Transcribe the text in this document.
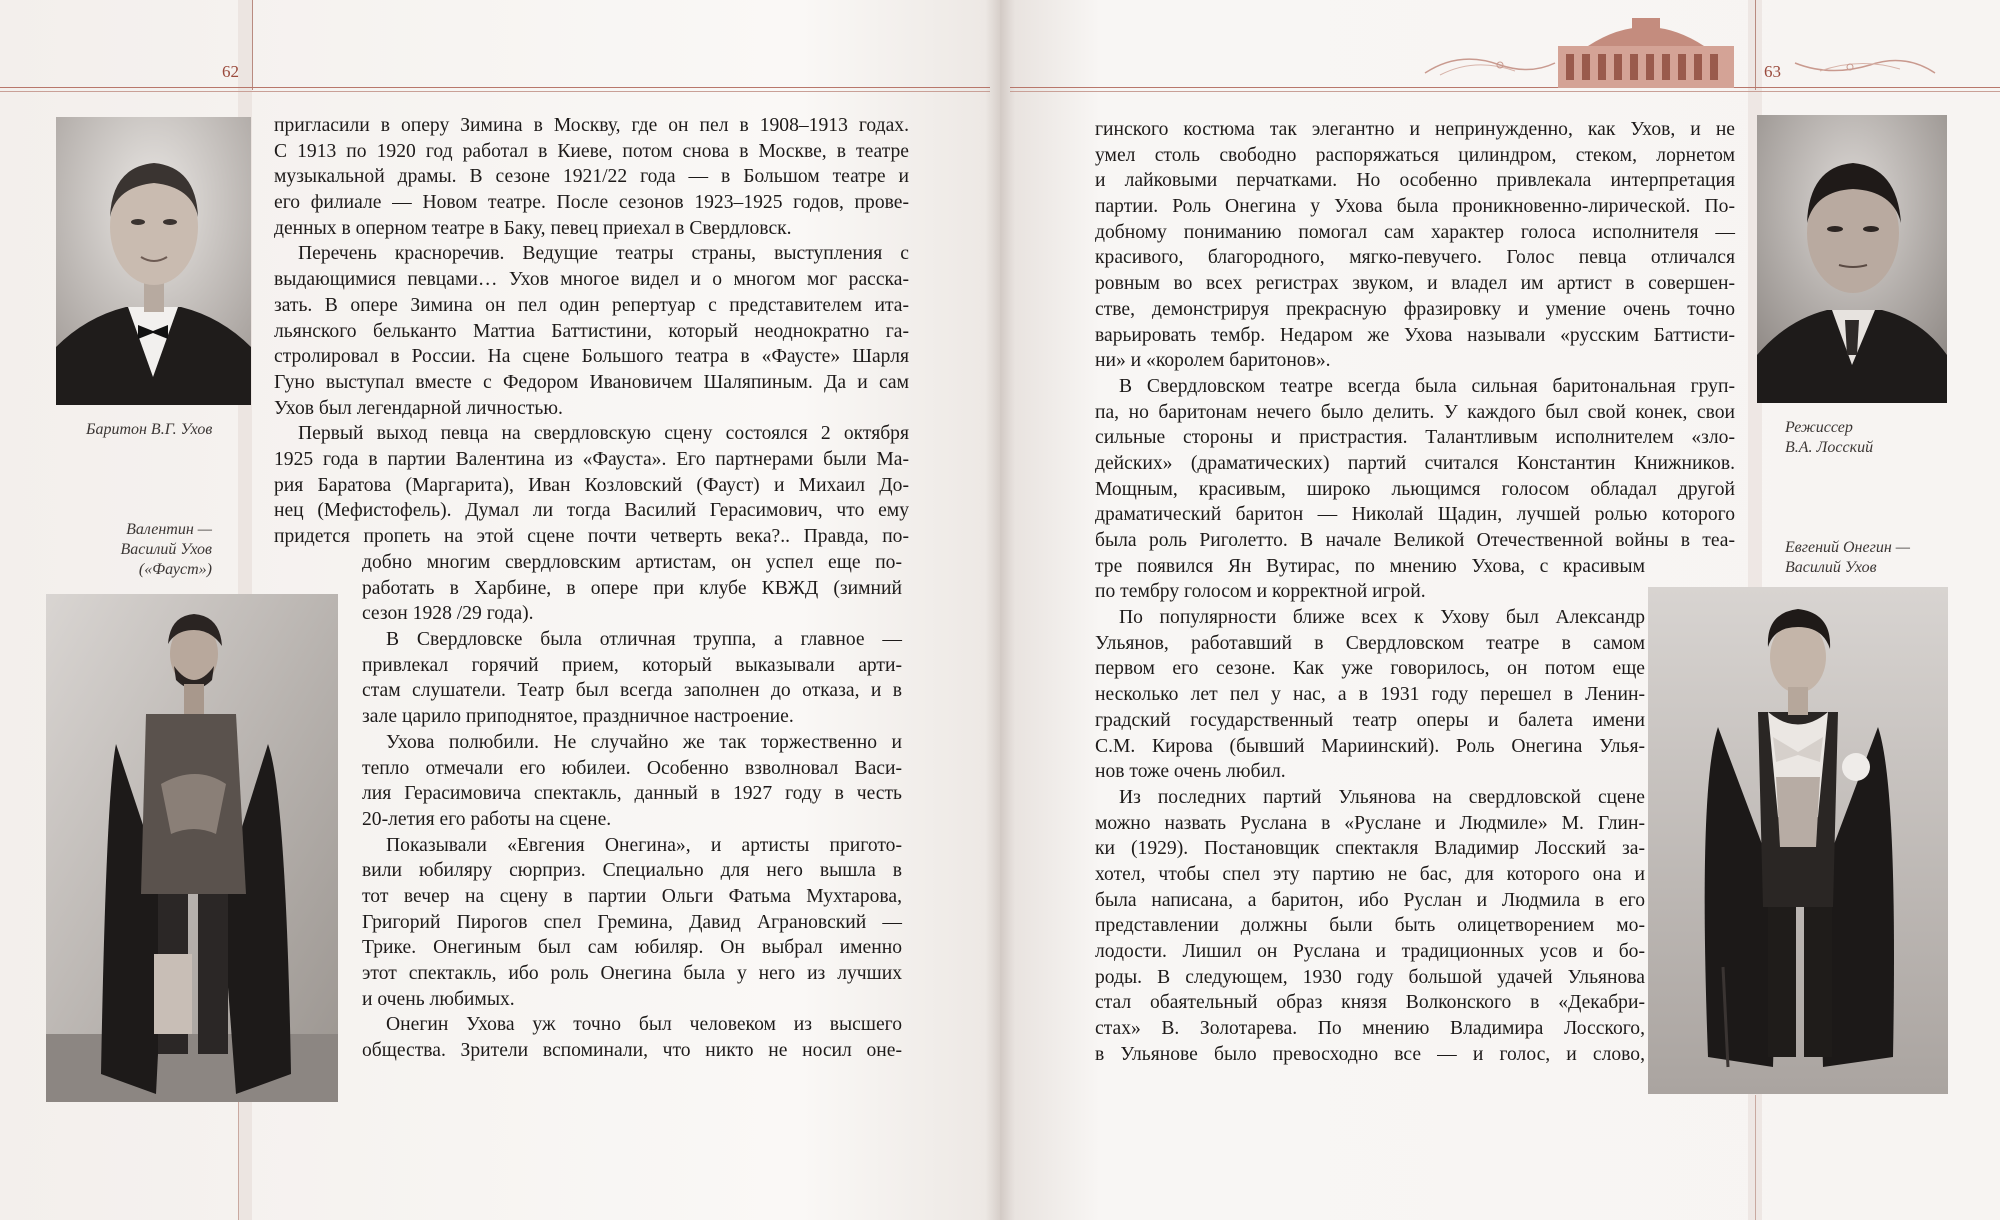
62
Баритон В.Г. Ухов
Валентин —
Василий Ухов
(«Фауст»)
пригласили в оперу Зимина в Москву, где он пел в 1908–1913 годах.
С 1913 по 1920 год работал в Киеве, потом снова в Москве, в театре
музыкальной драмы. В сезоне 1921/22 года — в Большом театре и
его филиале — Новом театре. После сезонов 1923–1925 годов, прове-
денных в оперном театре в Баку, певец приехал в Свердловск.
Перечень красноречив. Ведущие театры страны, выступления с
выдающимися певцами… Ухов многое видел и о многом мог расска-
зать. В опере Зимина он пел один репертуар с представителем ита-
льянского бельканто Маттиа Баттистини, который неоднократно га-
стролировал в России. На сцене Большого театра в «Фаусте» Шарля
Гуно выступал вместе с Федором Ивановичем Шаляпиным. Да и сам
Ухов был легендарной личностью.
Первый выход певца на свердловскую сцену состоялся 2 октября
1925 года в партии Валентина из «Фауста». Его партнерами были Ма-
рия Баратова (Маргарита), Иван Козловский (Фауст) и Михаил До-
нец (Мефистофель). Думал ли тогда Василий Герасимович, что ему
придется пропеть на этой сцене почти четверть века?.. Правда, по-
добно многим свердловским артистам, он успел еще по-
работать в Харбине, в опере при клубе КВЖД (зимний
сезон 1928 /29 года).
В Свердловске была отличная труппа, а главное —
привлекал горячий прием, который выказывали арти-
стам слушатели. Театр был всегда заполнен до отказа, и в
зале царило приподнятое, праздничное настроение.
Ухова полюбили. Не случайно же так торжественно и
тепло отмечали его юбилеи. Особенно взволновал Васи-
лия Герасимовича спектакль, данный в 1927 году в честь
20-летия его работы на сцене.
Показывали «Евгения Онегина», и артисты пригото-
вили юбиляру сюрприз. Специально для него вышла в
тот вечер на сцену в партии Ольги Фатьма Мухтарова,
Григорий Пирогов спел Гремина, Давид Аграновский —
Трике. Онегиным был сам юбиляр. Он выбрал именно
этот спектакль, ибо роль Онегина была у него из лучших
и очень любимых.
Онегин Ухова уж точно был человеком из высшего
общества. Зрители вспоминали, что никто не носил оне-
63
Режиссер
В.А. Лосский
Евгений Онегин —
Василий Ухов
гинского костюма так элегантно и непринужденно, как Ухов, и не
умел столь свободно распоряжаться цилиндром, стеком, лорнетом
и лайковыми перчатками. Но особенно привлекала интерпретация
партии. Роль Онегина у Ухова была проникновенно-лирической. По-
добному пониманию помогал сам характер голоса исполнителя —
красивого, благородного, мягко-певучего. Голос певца отличался
ровным во всех регистрах звуком, и владел им артист в совершен-
стве, демонстрируя прекрасную фразировку и умение очень точно
варьировать тембр. Недаром же Ухова называли «русским Баттисти-
ни» и «королем баритонов».
В Свердловском театре всегда была сильная баритональная груп-
па, но баритонам нечего было делить. У каждого был свой конек, свои
сильные стороны и пристрастия. Талантливым исполнителем «зло-
дейских» (драматических) партий считался Константин Книжников.
Мощным, красивым, широко льющимся голосом обладал другой
драматический баритон — Николай Щадин, лучшей ролью которого
была роль Риголетто. В начале Великой Отечественной войны в теа-
тре появился Ян Вутирас, по мнению Ухова, с красивым
по тембру голосом и корректной игрой.
По популярности ближе всех к Ухову был Александр
Ульянов, работавший в Свердловском театре в самом
первом его сезоне. Как уже говорилось, он потом еще
несколько лет пел у нас, а в 1931 году перешел в Ленин-
градский государственный театр оперы и балета имени
С.М. Кирова (бывший Мариинский). Роль Онегина Улья-
нов тоже очень любил.
Из последних партий Ульянова на свердловской сцене
можно назвать Руслана в «Руслане и Людмиле» М. Глин-
ки (1929). Постановщик спектакля Владимир Лосский за-
хотел, чтобы спел эту партию не бас, для которого она и
была написана, а баритон, ибо Руслан и Людмила в его
представлении должны были быть олицетворением мо-
лодости. Лишил он Руслана и традиционных усов и бо-
роды. В следующем, 1930 году большой удачей Ульянова
стал обаятельный образ князя Волконского в «Декабри-
стах» В. Золотарева. По мнению Владимира Лосского,
в Ульянове было превосходно все — и голос, и слово,
